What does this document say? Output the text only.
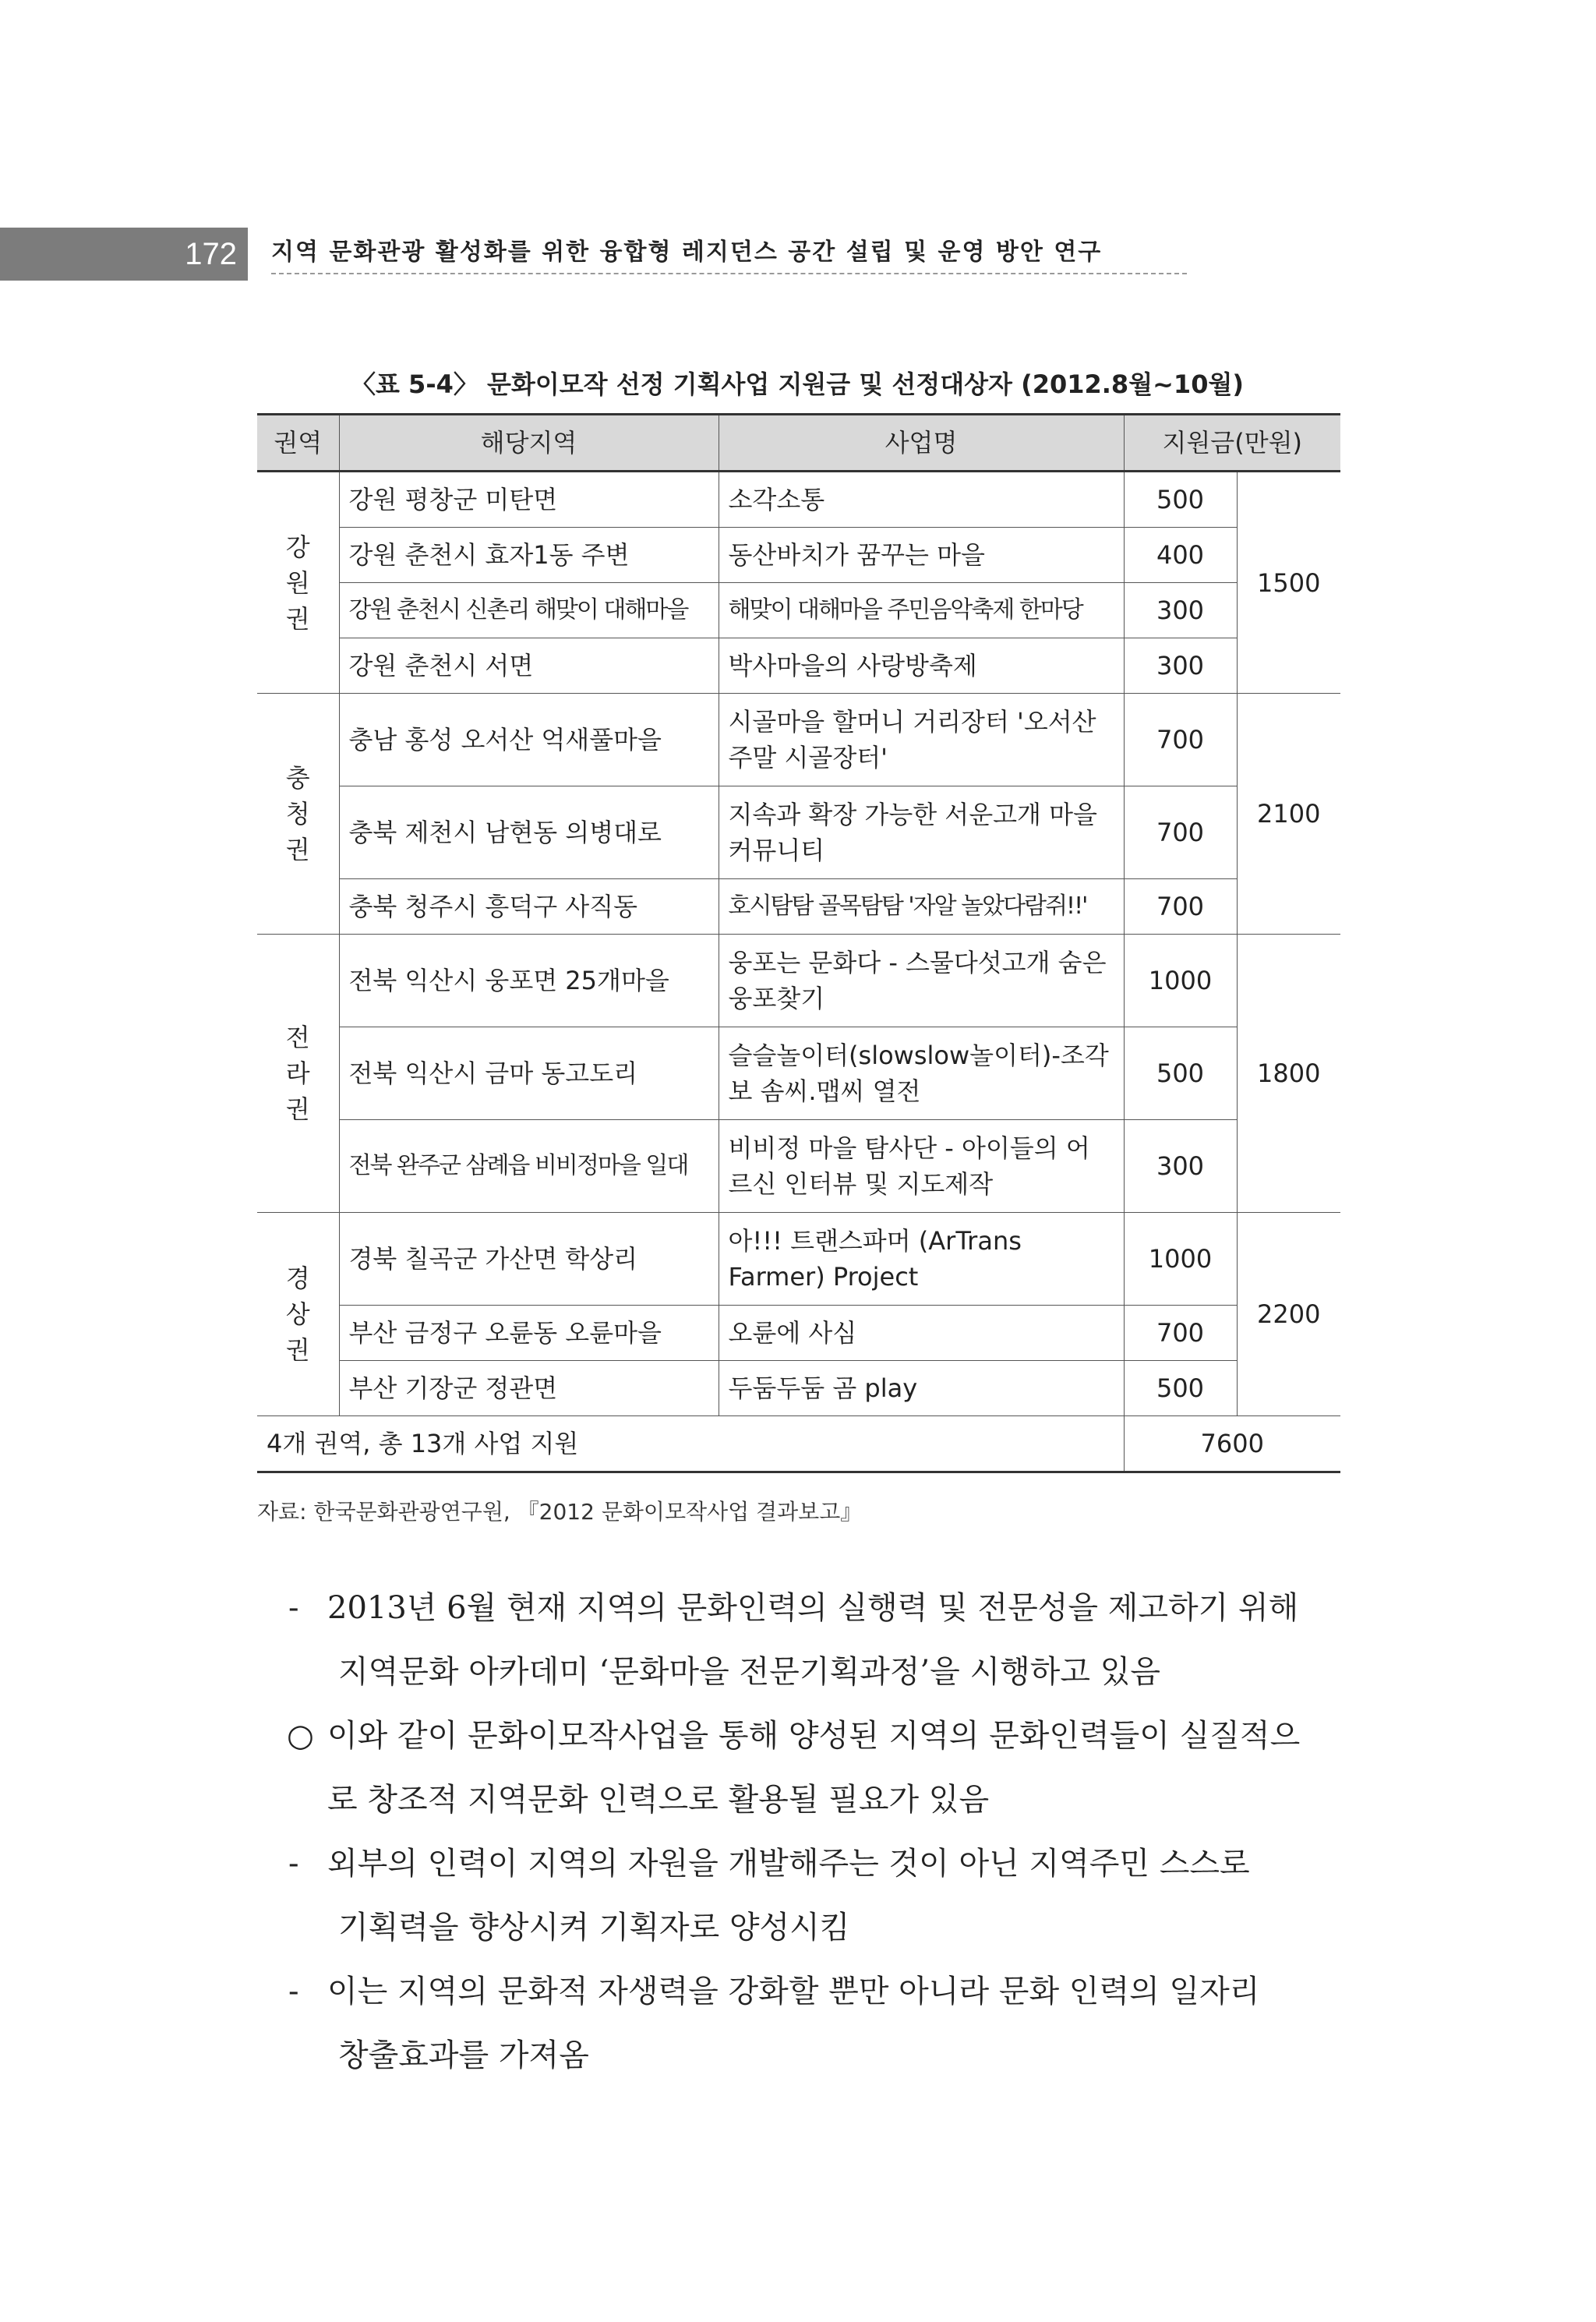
172 지역 문화관광 활성화를 위한 융합형 레지던스 공간 설립 및 운영 방안 연구
〈표 5-4〉 문화이모작 선정 기획사업 지원금 및 선정대상자 (2012.8월~10월)
권역	해당지역	사업명	지원금(만원)	
강원권	강원 평창군 미탄면	소각소통	500	1500
	강원 춘천시 효자1동 주변	동산바치가 꿈꾸는 마을	400	
	강원 춘천시 신촌리 해맞이 대해마을	해맞이 대해마을 주민음악축제 한마당	300	
	강원 춘천시 서면	박사마을의 사랑방축제	300	
충청권	충남 홍성 오서산 억새풀마을	시골마을 할머니 거리장터 '오서산 주말 시골장터'	700	2100
	충북 제천시 남현동 의병대로	지속과 확장 가능한 서운고개 마을커뮤니티	700	
	충북 청주시 흥덕구 사직동	호시탐탐 골목탐탐 '자알 놀았다람쥐!!'	700	
전라권	전북 익산시 웅포면 25개마을	웅포는 문화다 - 스물다섯고개 숨은 웅포찾기	1000	1800
	전북 익산시 금마 동고도리	슬슬놀이터(slowslow놀이터)-조각보 솜씨.맵씨 열전	500	
	전북 완주군 삼례읍 비비정마을 일대	비비정 마을 탐사단 - 아이들의 어르신 인터뷰 및 지도제작	300	
경상권	경북 칠곡군 가산면 학상리	아!!! 트랜스파머 (ArTrans Farmer) Project	1000	2200
	부산 금정구 오륜동 오륜마을	오륜에 사심	700	
	부산 기장군 정관면	두둠두둠 곰 play	500	
4개 권역, 총 13개 사업 지원			7600	
자료: 한국문화관광연구원, 『2012 문화이모작사업 결과보고』
- 2013년 6월 현재 지역의 문화인력의 실행력 및 전문성을 제고하기 위해
지역문화 아카데미 ‘문화마을 전문기획과정’을 시행하고 있음
○ 이와 같이 문화이모작사업을 통해 양성된 지역의 문화인력들이 실질적으
로 창조적 지역문화 인력으로 활용될 필요가 있음
- 외부의 인력이 지역의 자원을 개발해주는 것이 아닌 지역주민 스스로
기획력을 향상시켜 기획자로 양성시킴
- 이는 지역의 문화적 자생력을 강화할 뿐만 아니라 문화 인력의 일자리
창출효과를 가져옴
